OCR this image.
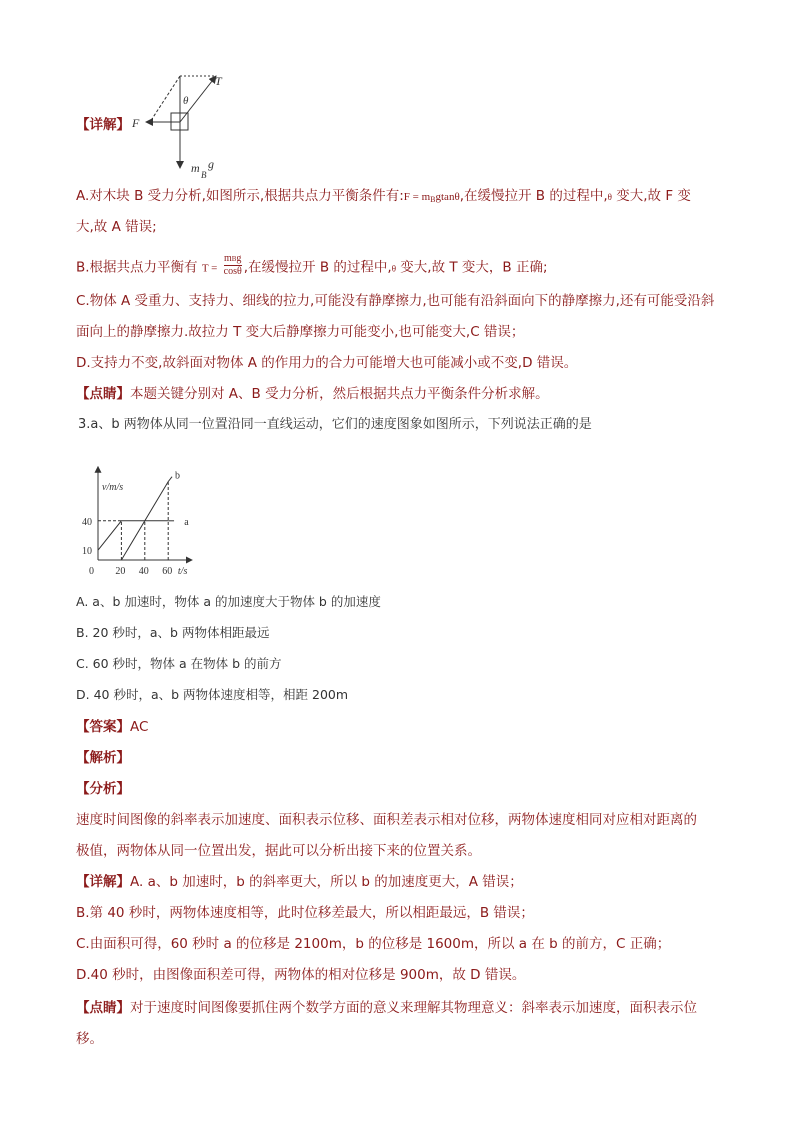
T
θ
F
m B
g
【详解】
A.对木块 B 受力分析,如图所示,根据共点力平衡条件有:F = mBgtanθ,在缓慢拉开 B 的过程中,θ 变大,故 F 变
大,故 A 错误;
B.根据共点力平衡有 T =
mBg
cosθ ,在缓慢拉开 B 的过程中,θ 变大,故 T 变大，B 正确;
C.物体 A 受重力、支持力、细线的拉力,可能没有静摩擦力,也可能有沿斜面向下的静摩擦力,还有可能受沿斜
面向上的静摩擦力.故拉力 T 变大后静摩擦力可能变小,也可能变大,C 错误；
D.支持力不变,故斜面对物体 A 的作用力的合力可能增大也可能减小或不变,D 错误。
【点睛】本题关键分别对 A、B 受力分析，然后根据共点力平衡条件分析求解。
3.a、b 两物体从同一位置沿同一直线运动，它们的速度图象如图所示，下列说法正确的是
v/m/s
t/s
0 20 40 60
10
40	a
b
A. a、b 加速时，物体 a 的加速度大于物体 b 的加速度
B. 20 秒时，a、b 两物体相距最远
C. 60 秒时，物体 a 在物体 b 的前方
D. 40 秒时，a、b 两物体速度相等，相距 200m
【答案】AC
【解析】
【分析】
速度时间图像的斜率表示加速度、面积表示位移、面积差表示相对位移，两物体速度相同对应相对距离的
极值，两物体从同一位置出发，据此可以分析出接下来的位置关系。
【详解】A. a、b 加速时，b 的斜率更大，所以 b 的加速度更大，A 错误；
B.第 40 秒时，两物体速度相等，此时位移差最大，所以相距最远，B 错误；
C.由面积可得，60 秒时 a 的位移是 2100m，b 的位移是 1600m，所以 a 在 b 的前方，C 正确；
D.40 秒时，由图像面积差可得，两物体的相对位移是 900m，故 D 错误。
【点睛】对于速度时间图像要抓住两个数学方面的意义来理解其物理意义：斜率表示加速度，面积表示位
移。
